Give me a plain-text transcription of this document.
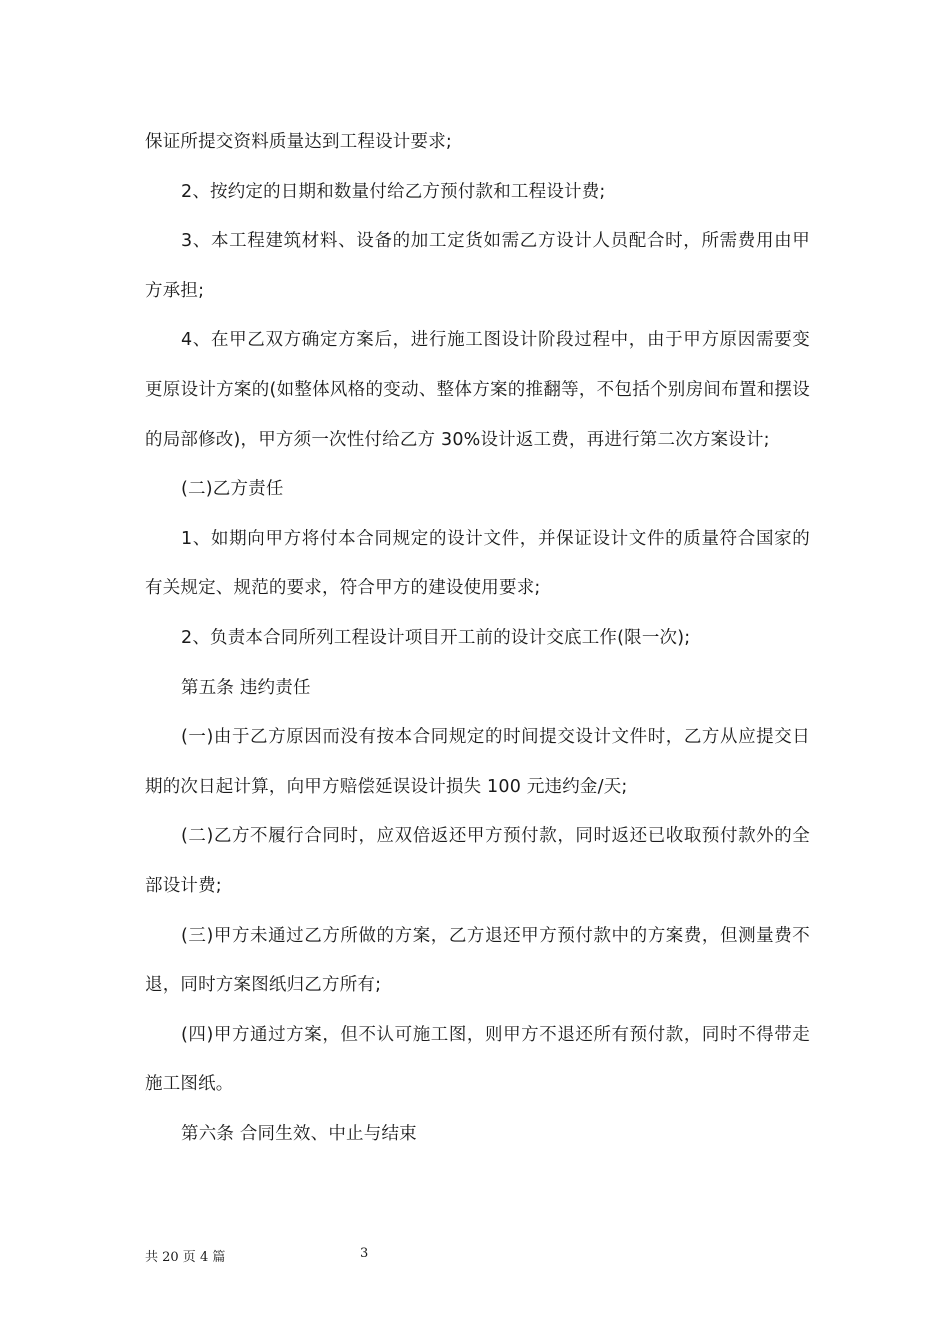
保证所提交资料质量达到工程设计要求;

2、按约定的日期和数量付给乙方预付款和工程设计费;

3、本工程建筑材料、设备的加工定货如需乙方设计人员配合时，所需费用由甲方承担;

4、在甲乙双方确定方案后，进行施工图设计阶段过程中，由于甲方原因需要变更原设计方案的(如整体风格的变动、整体方案的推翻等，不包括个别房间布置和摆设的局部修改)，甲方须一次性付给乙方 30%设计返工费，再进行第二次方案设计;

(二)乙方责任

1、如期向甲方将付本合同规定的设计文件，并保证设计文件的质量符合国家的有关规定、规范的要求，符合甲方的建设使用要求;

2、负责本合同所列工程设计项目开工前的设计交底工作(限一次);

第五条 违约责任

(一)由于乙方原因而没有按本合同规定的时间提交设计文件时，乙方从应提交日期的次日起计算，向甲方赔偿延误设计损失 100 元违约金/天;

(二)乙方不履行合同时，应双倍返还甲方预付款，同时返还已收取预付款外的全部设计费;

(三)甲方未通过乙方所做的方案，乙方退还甲方预付款中的方案费，但测量费不退，同时方案图纸归乙方所有;

(四)甲方通过方案，但不认可施工图，则甲方不退还所有预付款，同时不得带走施工图纸。

第六条 合同生效、中止与结束

共 20 页 4 篇	3
